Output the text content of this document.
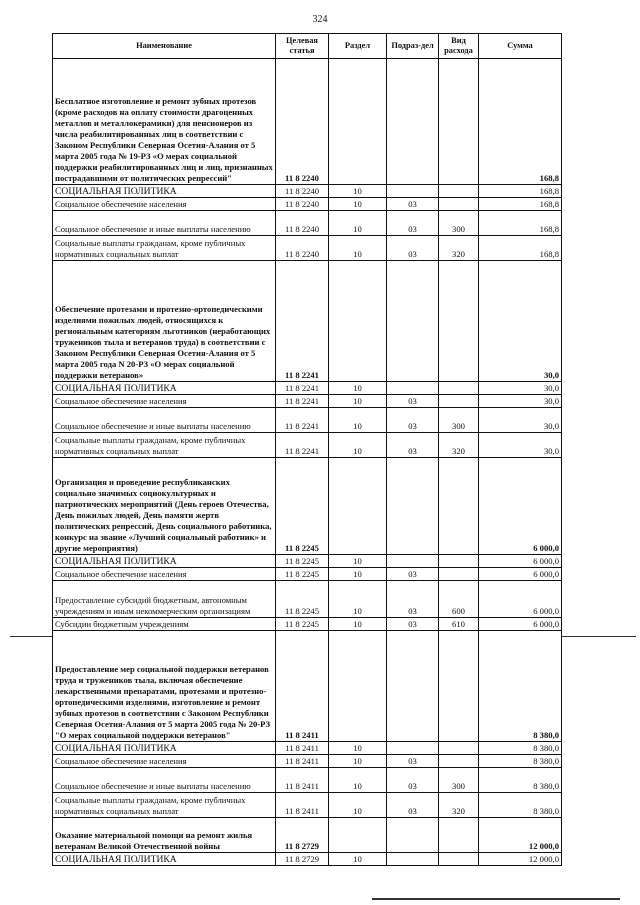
324
Наименование	Целевая статья	Раздел	Подраз-дел	Вид расхода	Сумма
Бесплатное изготовление и ремонт зубных протезов (кроме расходов на оплату стоимости драгоценных металлов и металлокерамики) для пенсионеров из числа реабилитированных лиц в соответствии с Законом Республики Северная Осетия-Алания от 5 марта 2005 года № 19-РЗ «О мерах социальной поддержки реабилитированных лиц и лиц, признанных пострадавшими от политических репрессий"	11 8 2240				168,8
СОЦИАЛЬНАЯ ПОЛИТИКА	11 8 2240	10			168,8
Социальное обеспечение населения	11 8 2240	10	03		168,8
Социальное обеспечение и иные выплаты населению	11 8 2240	10	03	300	168,8
Социальные выплаты гражданам, кроме публичных нормативных социальных выплат	11 8 2240	10	03	320	168,8
Обеспечение протезами и протезно-ортопедическими изделиями пожилых людей, относящихся к региональным категориям льготников (неработающих тружеников тыла и ветеранов труда) в соответствии с Законом Республики Северная Осетия-Алания от 5 марта 2005 года N 20-РЗ «О мерах социальной поддержки ветеранов»	11 8 2241				30,0
СОЦИАЛЬНАЯ ПОЛИТИКА	11 8 2241	10			30,0
Социальное обеспечение населения	11 8 2241	10	03		30,0
Социальное обеспечение и иные выплаты населению	11 8 2241	10	03	300	30,0
Социальные выплаты гражданам, кроме публичных нормативных социальных выплат	11 8 2241	10	03	320	30,0
Организация и проведение республиканских социально значимых социокультурных и патриотических мероприятий (День героев Отечества, День пожилых людей, День памяти жертв политических репрессий, День социального работника, конкурс на звание «Лучший социальный работник» и другие мероприятия)	11 8 2245				6 000,0
СОЦИАЛЬНАЯ ПОЛИТИКА	11 8 2245	10			6 000,0
Социальное обеспечение населения	11 8 2245	10	03		6 000,0
Предоставление субсидий бюджетным, автономным учреждениям и иным некоммерческим организациям	11 8 2245	10	03	600	6 000,0
Субсидии бюджетным учреждениям	11 8 2245	10	03	610	6 000,0
Предоставление мер социальной поддержки ветеранов труда и тружеников тыла, включая обеспечение лекарственными препаратами, протезами и протезно-ортопедическими изделиями, изготовление и ремонт зубных протезов в соответствии с Законом Республики Северная Осетия-Алания от 5 марта 2005 года № 20-РЗ "О мерах социальной поддержки ветеранов"	11 8 2411				8 380,0
СОЦИАЛЬНАЯ ПОЛИТИКА	11 8 2411	10			8 380,0
Социальное обеспечение населения	11 8 2411	10	03		8 380,0
Социальное обеспечение и иные выплаты населению	11 8 2411	10	03	300	8 380,0
Социальные выплаты гражданам, кроме публичных нормативных социальных выплат	11 8 2411	10	03	320	8 380,0
Оказание материальной помощи на ремонт жилья ветеранам Великой Отечественной войны	11 8 2729				12 000,0
СОЦИАЛЬНАЯ ПОЛИТИКА	11 8 2729	10			12 000,0
